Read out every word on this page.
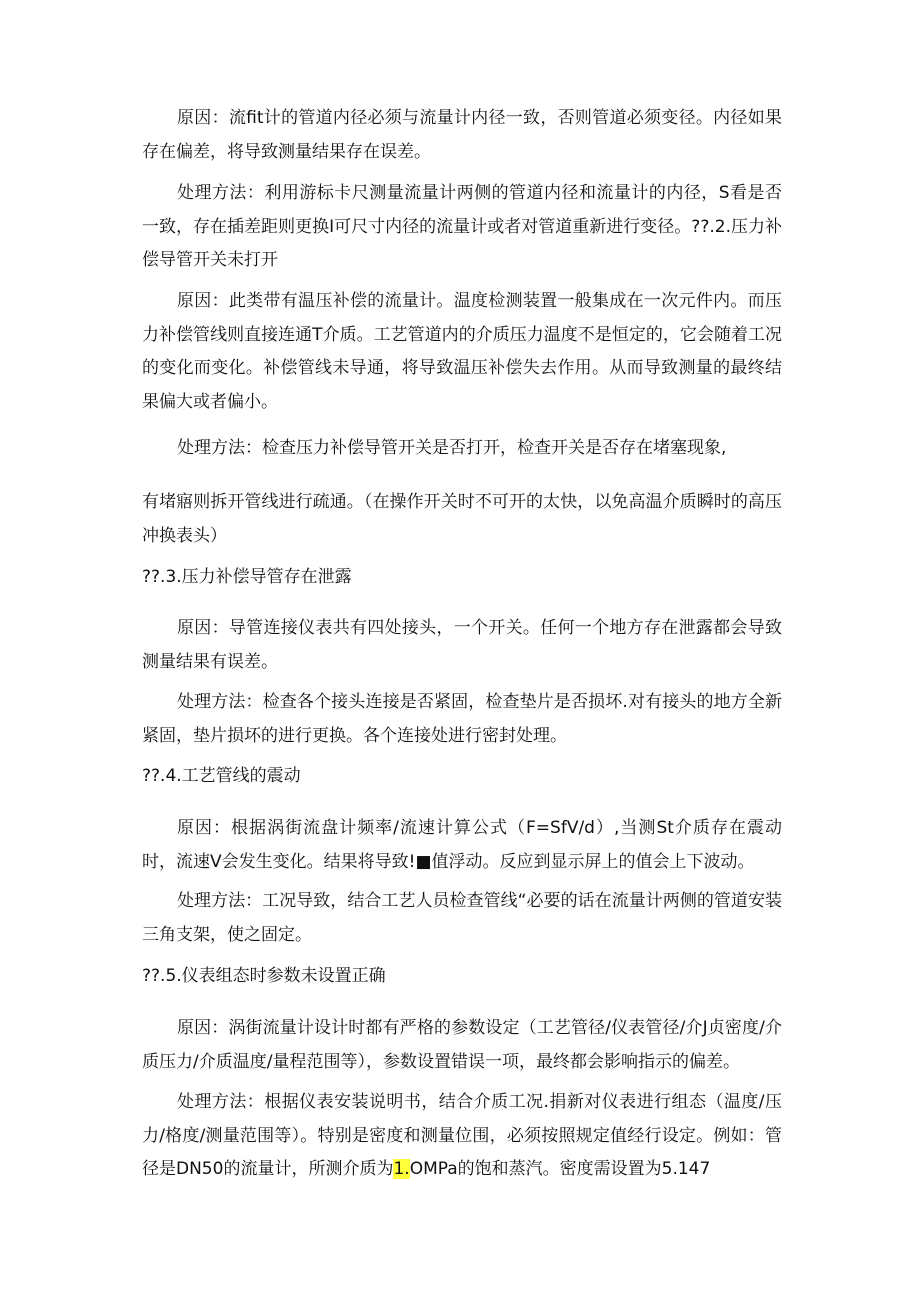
原因：流fit计的管道内径必须与流量计内径一致，否则管道必须变径。内径如果存在偏差，将导致测量结果存在误差。

处理方法：利用游标卡尺测量流量计两侧的管道内径和流量计的内径，S看是否一致，存在插差距则更换I可尺寸内径的流量计或者对管道重新进行变径。??.2.压力补偿导管开关未打开

原因：此类带有温压补偿的流量计。温度检测装置一般集成在一次元件内。而压力补偿管线则直接连通T介质。工艺管道内的介质压力温度不是恒定的，它会随着工况的变化而变化。补偿管线未导通，将导致温压补偿失去作用。从而导致测量的最终结果偏大或者偏小。

处理方法：检查压力补偿导管开关是否打开，检查开关是否存在堵塞现象,

有堵寤则拆开管线进行疏通。（在操作开关时不可开的太快，以免高温介质瞬时的高压冲换表头）

??.3.压力补偿导管存在泄露

原因：导管连接仪表共有四处接头，一个开关。任何一个地方存在泄露都会导致测量结果有误差。

处理方法：检查各个接头连接是否紧固，检查垫片是否损坏.对有接头的地方全新紧固，垫片损坏的进行更换。各个连接处进行密封处理。

??.4.工艺管线的震动

原因：根据涡街流盘计频率/流速计算公式（F=SfV/d）,当测St介质存在震动时，流速V会发生变化。结果将导致!■值浮动。反应到显示屏上的值会上下波动。

处理方法：工况导致，结合工艺人员检查管线“必要的话在流量计两侧的管道安装三角支架，使之固定。

??.5.仪表组态时参数未设置正确

原因：涡街流量计设计时都有严格的参数设定（工艺管径/仪表管径/介J贞密度/介质压力/介质温度/量程范围等），参数设置错误一项，最终都会影响指示的偏差。

处理方法：根据仪表安装说明书，结合介质工况.捐新对仪表进行组态（温度/压力/格度/测量范围等）。特别是密度和测量位围，必须按照规定值经行设定。例如：管径是DN50的流量计，所测介质为1.OMPa的饱和蒸汽。密度需设置为5.147
